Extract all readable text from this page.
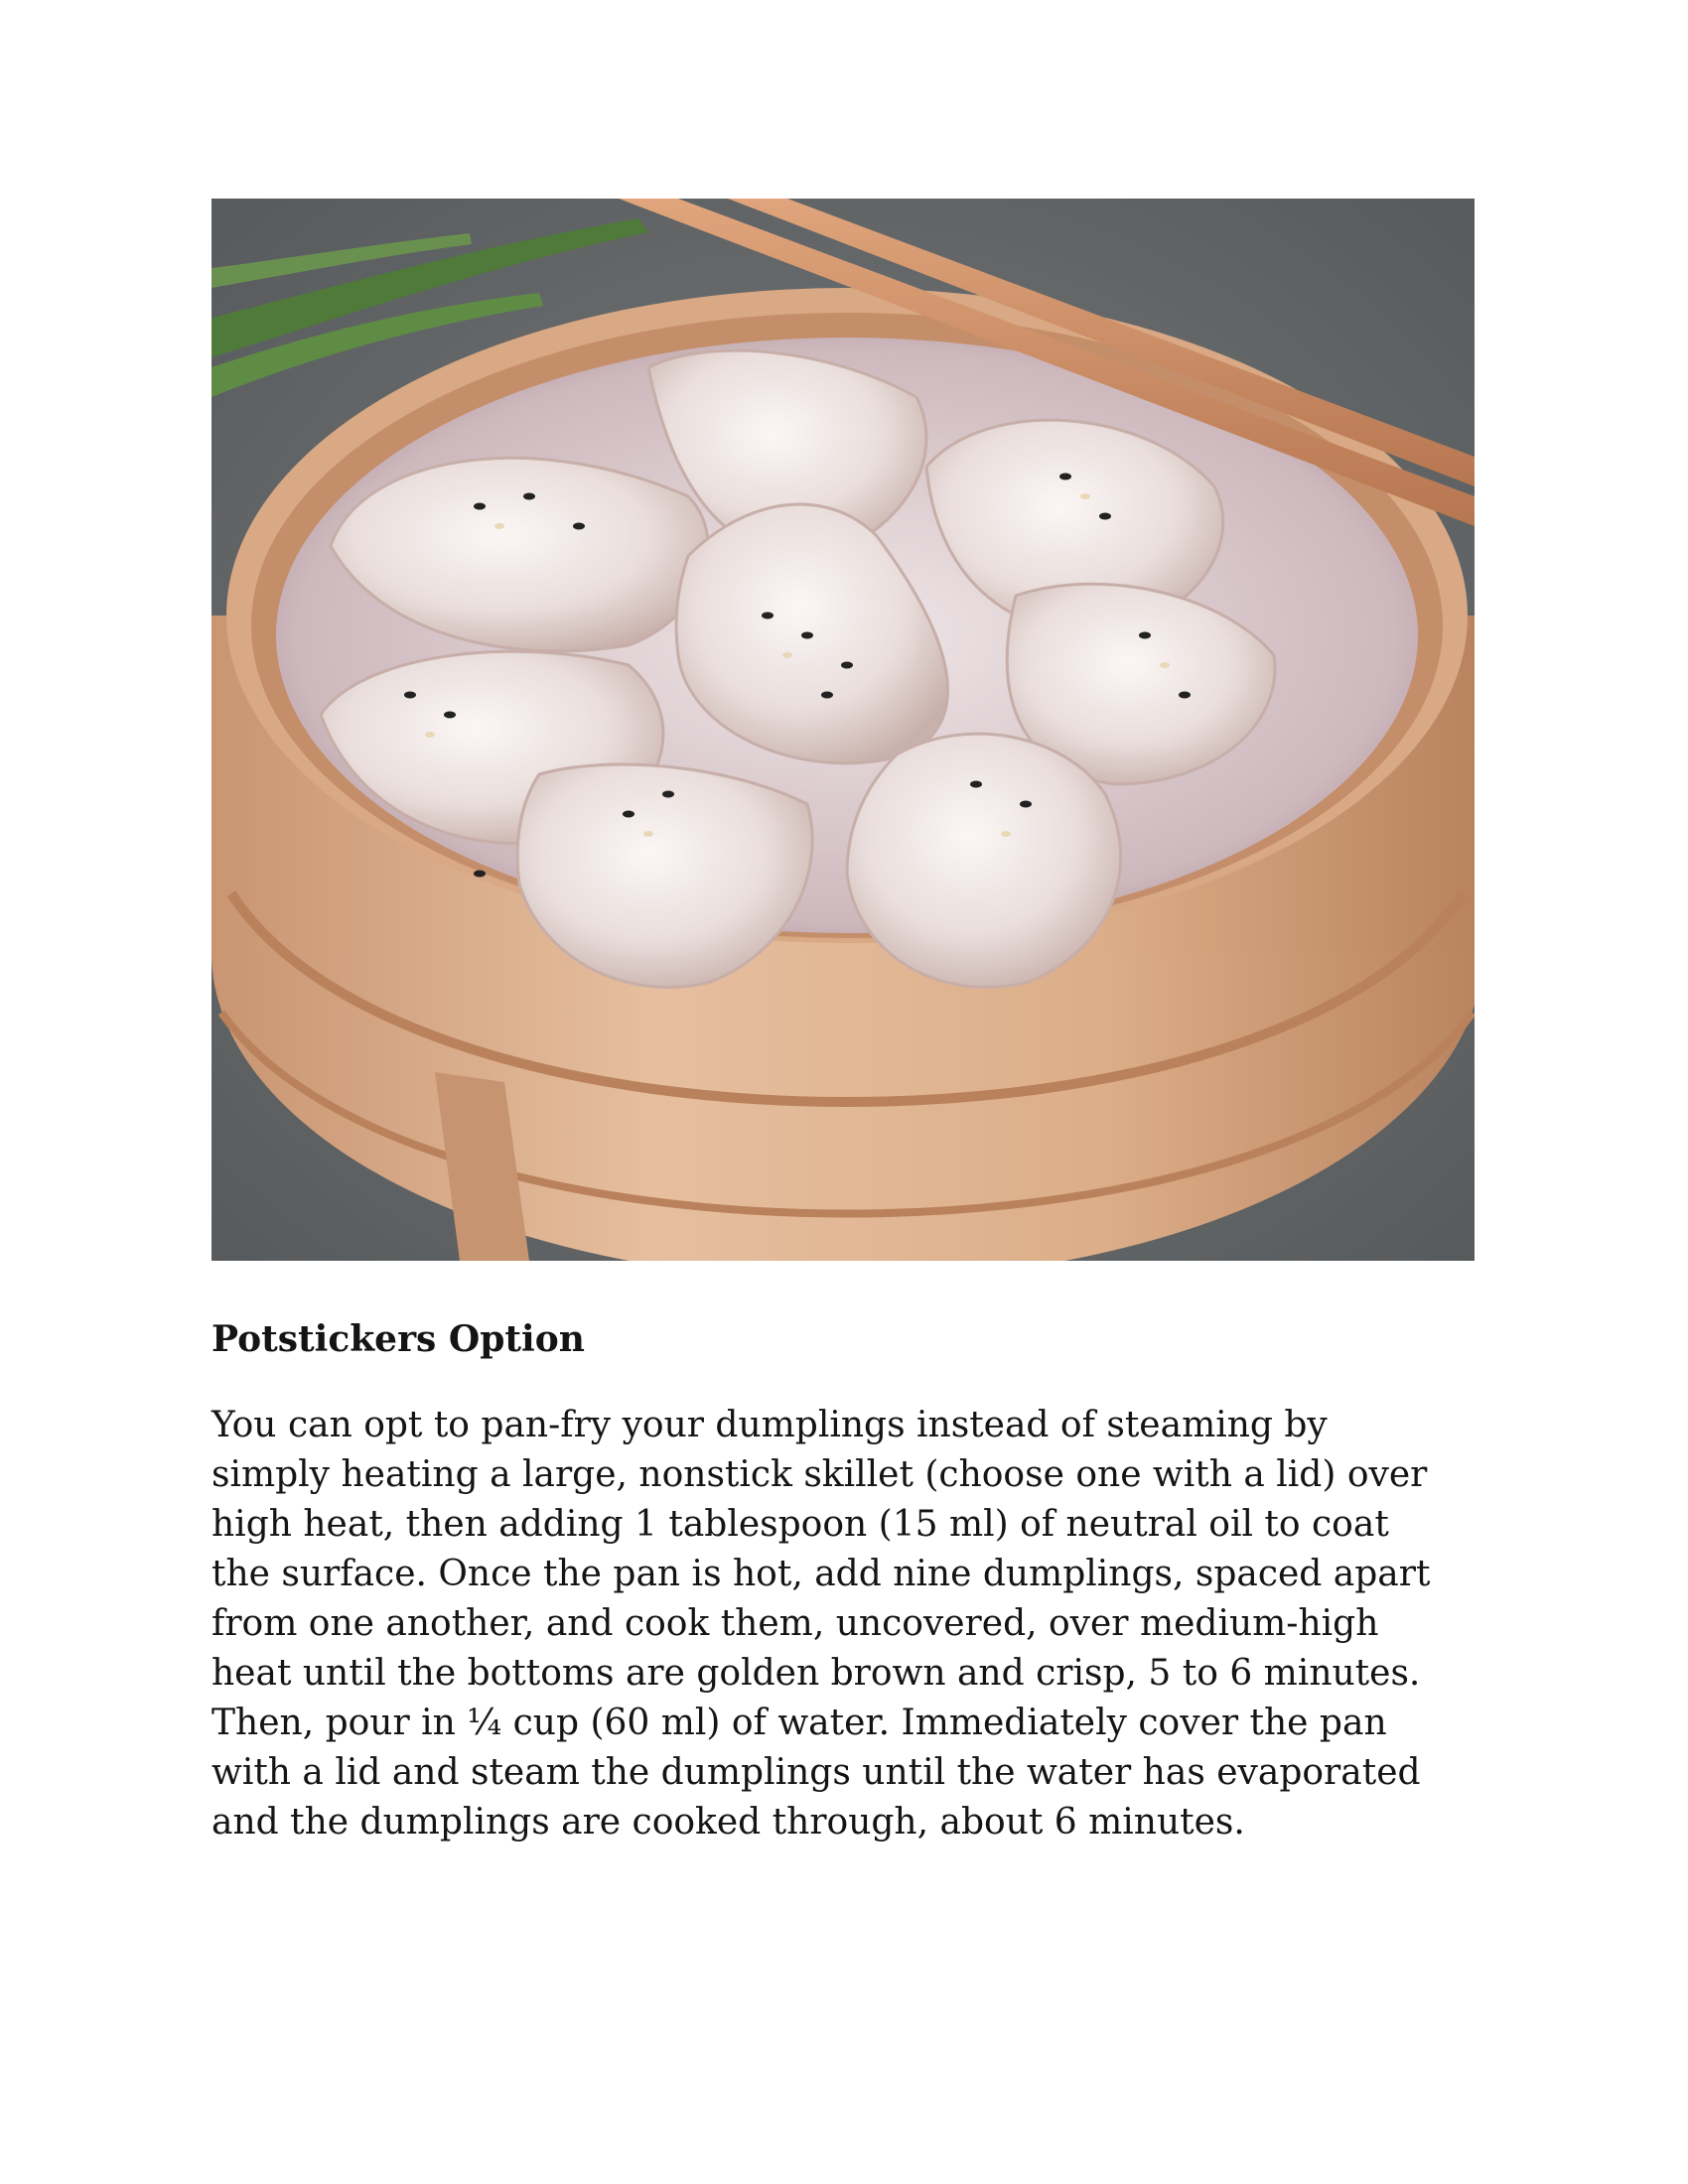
Potstickers Option

You can opt to pan-fry your dumplings instead of steaming by
simply heating a large, nonstick skillet (choose one with a lid) over
high heat, then adding 1 tablespoon (15 ml) of neutral oil to coat
the surface. Once the pan is hot, add nine dumplings, spaced apart
from one another, and cook them, uncovered, over medium-high
heat until the bottoms are golden brown and crisp, 5 to 6 minutes.
Then, pour in ¼ cup (60 ml) of water. Immediately cover the pan
with a lid and steam the dumplings until the water has evaporated
and the dumplings are cooked through, about 6 minutes.
